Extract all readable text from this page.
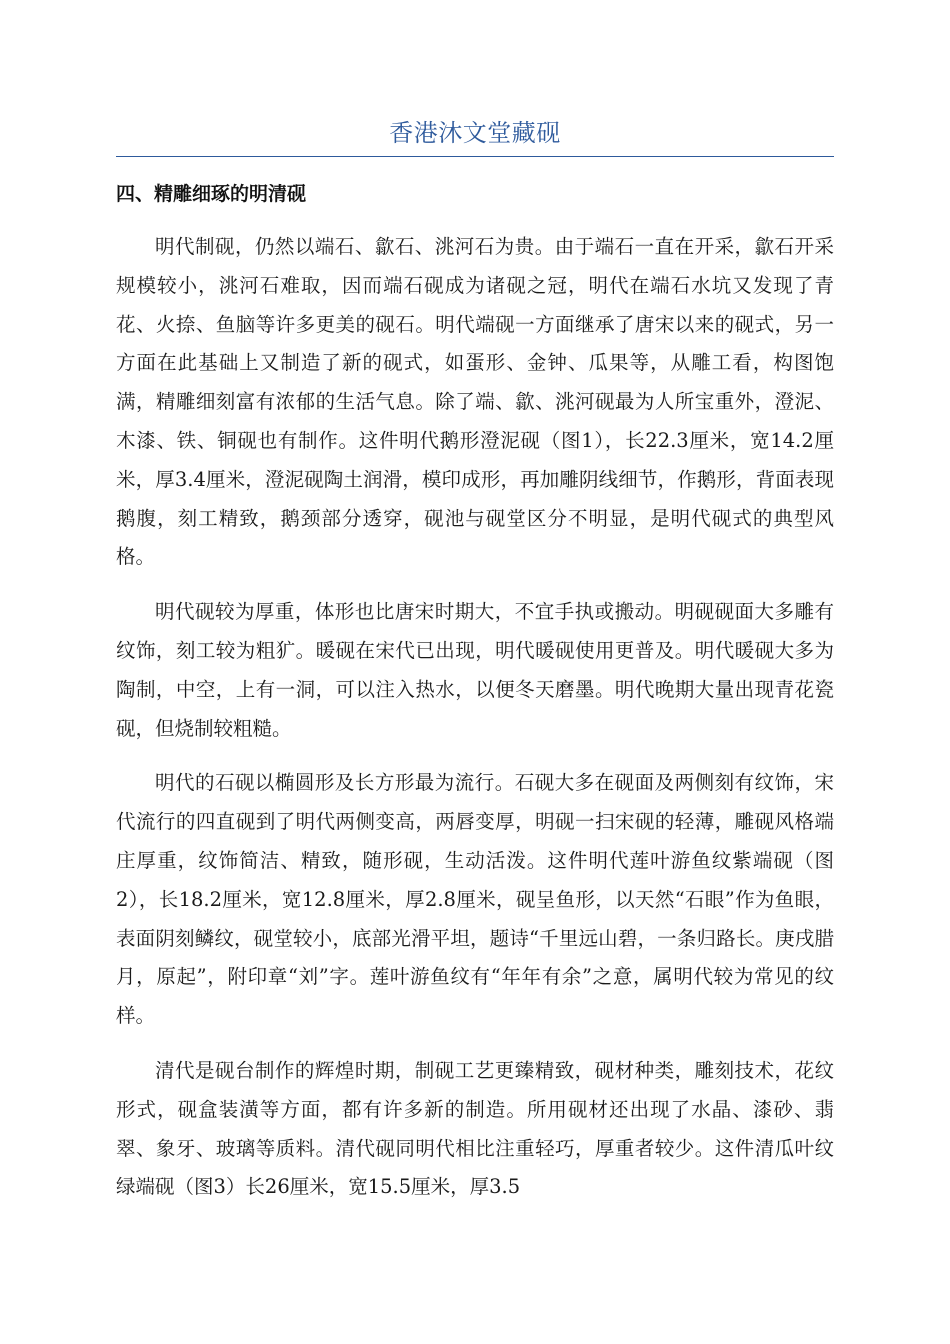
香港沐文堂藏砚
四、精雕细琢的明清砚

明代制砚，仍然以端石、歙石、洮河石为贵。由于端石一直在开采，歙石开采规模较小，洮河石难取，因而端石砚成为诸砚之冠，明代在端石水坑又发现了青花、火捺、鱼脑等许多更美的砚石。明代端砚一方面继承了唐宋以来的砚式，另一方面在此基础上又制造了新的砚式，如蛋形、金钟、瓜果等，从雕工看，构图饱满，精雕细刻富有浓郁的生活气息。除了端、歙、洮河砚最为人所宝重外，澄泥、木漆、铁、铜砚也有制作。这件明代鹅形澄泥砚（图1），长22.3厘米，宽14.2厘米，厚3.4厘米，澄泥砚陶土润滑，模印成形，再加雕阴线细节，作鹅形，背面表现鹅腹，刻工精致，鹅颈部分透穿，砚池与砚堂区分不明显，是明代砚式的典型风格。

明代砚较为厚重，体形也比唐宋时期大，不宜手执或搬动。明砚砚面大多雕有纹饰，刻工较为粗犷。暖砚在宋代已出现，明代暖砚使用更普及。明代暖砚大多为陶制，中空，上有一洞，可以注入热水，以便冬天磨墨。明代晚期大量出现青花瓷砚，但烧制较粗糙。

明代的石砚以椭圆形及长方形最为流行。石砚大多在砚面及两侧刻有纹饰，宋代流行的四直砚到了明代两侧变高，两唇变厚，明砚一扫宋砚的轻薄，雕砚风格端庄厚重，纹饰简洁、精致，随形砚，生动活泼。这件明代莲叶游鱼纹紫端砚（图2），长18.2厘米，宽12.8厘米，厚2.8厘米，砚呈鱼形，以天然“石眼”作为鱼眼，表面阴刻鳞纹，砚堂较小，底部光滑平坦，题诗“千里远山碧，一条归路长。庚戌腊月，原起”，附印章“刘”字。莲叶游鱼纹有“年年有余”之意，属明代较为常见的纹样。

清代是砚台制作的辉煌时期，制砚工艺更臻精致，砚材种类，雕刻技术，花纹形式，砚盒装潢等方面，都有许多新的制造。所用砚材还出现了水晶、漆砂、翡翠、象牙、玻璃等质料。清代砚同明代相比注重轻巧，厚重者较少。这件清瓜叶纹绿端砚（图3）长26厘米，宽15.5厘米，厚3.5
